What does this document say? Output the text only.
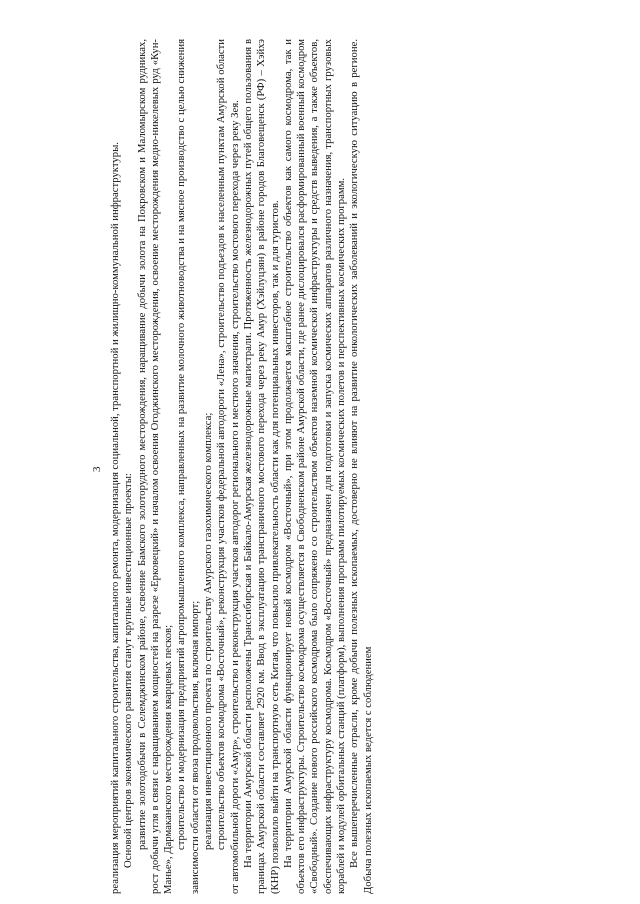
3 реализация мероприятий капитального строительства, капитального ремонта, модернизация социальной, транспортной и жилищно-коммунальной инфраструктуры. Основой центров экономического развития станут крупные инвестиционные проекты: развитие золотодобычи в Селемджинском районе, освоение Бамского золоторудного месторождения, наращивание добычи золота на Покровском и Маломырском рудниках, рост добычи угля в связи с наращиванием мощностей на разрезе «Ерковецкий» и началом освоения Огоджинского месторождения, освоение месторождения медно-никелевых руд «Кун-Манье», Дармаканского месторождения кварцевых песков; строительство и модернизация предприятий агропромышленного комплекса, направленных на развитие молочного животноводства и на мясное производство с целью снижения зависимости области от ввоза продовольствия, включая импорт; реализация инвестиционного проекта по строительству Амурского газохимического комплекса; строительство объектов космодрома «Восточный», реконструкция участков федеральной автодороги «Лена», строительство подъездов к населенным пунктам Амурской области от автомобильной дороги «Амур», строительство и реконструкция участков автодорог регионального и местного значения, строительство мостового перехода через реку Зея. На территории Амурской области расположены Транссибирская и Байкало-Амурская железнодорожные магистрали. Протяженность железнодорожных путей общего пользования в границах Амурской области составляет 2920 км. Ввод в эксплуатацию трансграничного мостового перехода через реку Амур (Хэйлуцзян) в районе городов Благовещенск (РФ) – Хэйхэ (КНР) позволило выйти на транспортную сеть Китая, что повысило привлекательность области как для потенциальных инвесторов, так и для туристов. На территории Амурской области функционирует новый космодром «Восточный», при этом продолжается масштабное строительство объектов как самого космодрома, так и объектов его инфраструктуры. Строительство космодрома осуществляется в Свободненском районе Амурской области, где ранее дислоцировался расформированный военный космодром «Свободный». Создание нового российского космодрома было сопряжено со строительством объектов наземной космической инфраструктуры и средств выведения, а также объектов, обеспечивающих инфраструктуру космодрома. Космодром «Восточный» предназначен для подготовки и запуска космических аппаратов различного назначения, транспортных грузовых кораблей и модулей орбитальных станций (платформ), выполнения программ пилотируемых космических полетов и перспективных космических программ. Все вышеперечисленные отрасли, кроме добычи полезных ископаемых, достоверно не влияют на развитие онкологических заболеваний и экологическую ситуацию в регионе. Добыча полезных ископаемых ведется с соблюдением
